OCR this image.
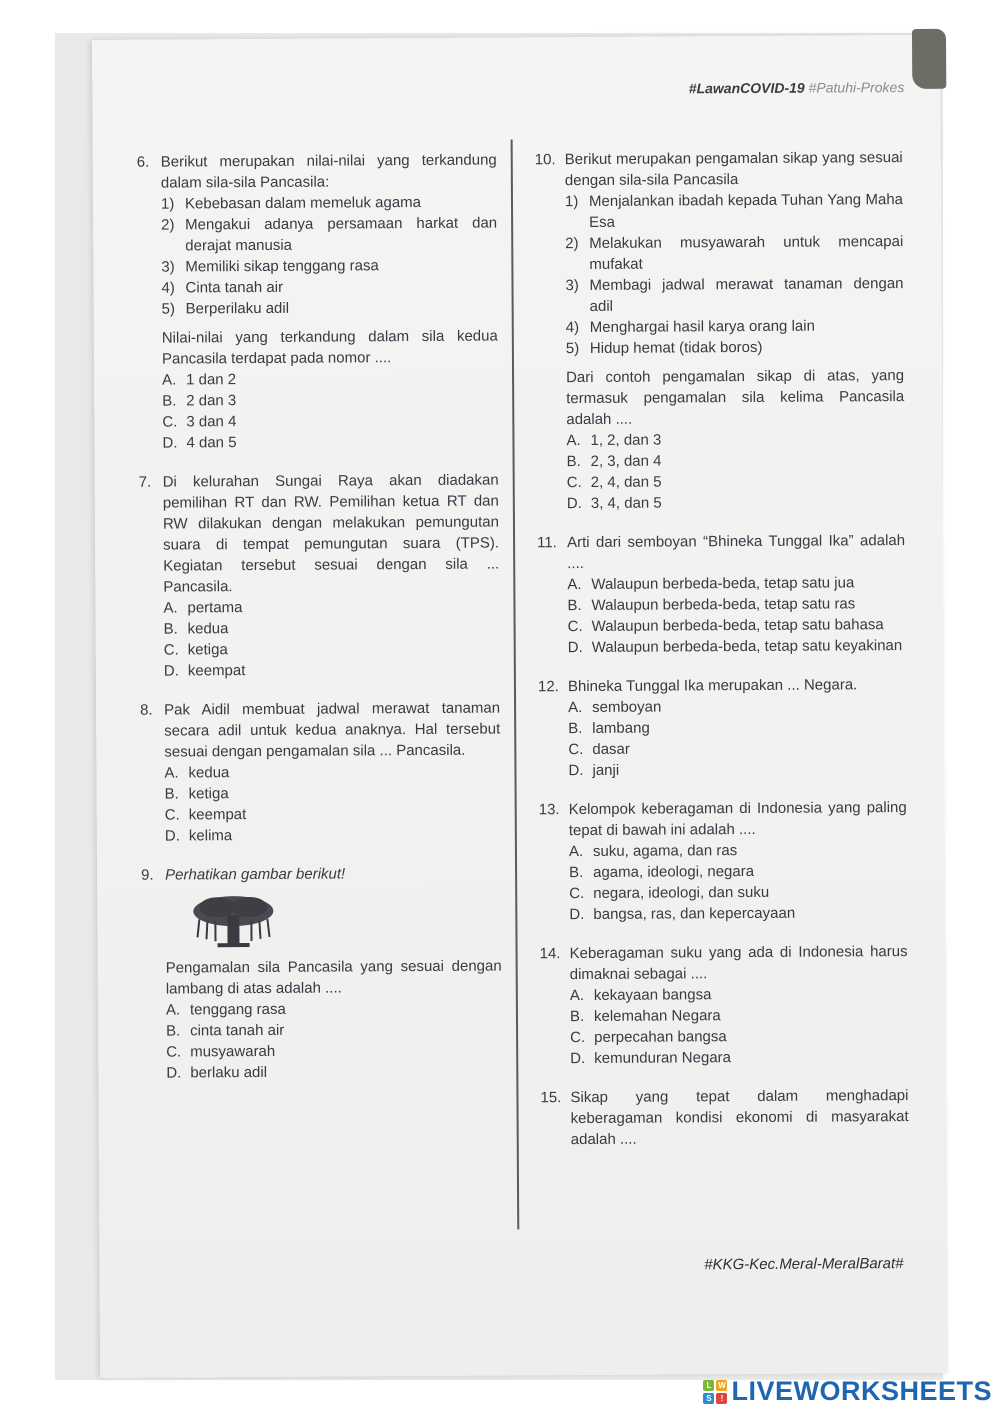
#LawanCOVID-19 #Patuhi-Prokes
6. Berikut merupakan nilai-nilai yang terkandung dalam sila-sila Pancasila:
1) Kebebasan dalam memeluk agama
2) Mengakui adanya persamaan harkat dan derajat manusia
3) Memiliki sikap tenggang rasa
4) Cinta tanah air
5) Berperilaku adil
Nilai-nilai yang terkandung dalam sila kedua Pancasila terdapat pada nomor ....
A. 1 dan 2
B. 2 dan 3
C. 3 dan 4
D. 4 dan 5
7. Di kelurahan Sungai Raya akan diadakan pemilihan RT dan RW. Pemilihan ketua RT dan RW dilakukan dengan melakukan pemungutan suara di tempat pemungutan suara (TPS). Kegiatan tersebut sesuai dengan sila ... Pancasila.
A. pertama
B. kedua
C. ketiga
D. keempat
8. Pak Aidil membuat jadwal merawat tanaman secara adil untuk kedua anaknya. Hal tersebut sesuai dengan pengamalan sila ... Pancasila.
A. kedua
B. ketiga
C. keempat
D. kelima
9. Perhatikan gambar berikut!
Pengamalan sila Pancasila yang sesuai dengan lambang di atas adalah ....
A. tenggang rasa
B. cinta tanah air
C. musyawarah
D. berlaku adil
10. Berikut merupakan pengamalan sikap yang sesuai dengan sila-sila Pancasila
1) Menjalankan ibadah kepada Tuhan Yang Maha Esa
2) Melakukan musyawarah untuk mencapai mufakat
3) Membagi jadwal merawat tanaman dengan adil
4) Menghargai hasil karya orang lain
5) Hidup hemat (tidak boros)
Dari contoh pengamalan sikap di atas, yang termasuk pengamalan sila kelima Pancasila adalah ....
A. 1, 2, dan 3
B. 2, 3, dan 4
C. 2, 4, dan 5
D. 3, 4, dan 5
11. Arti dari semboyan “Bhineka Tunggal Ika” adalah ....
A. Walaupun berbeda-beda, tetap satu jua
B. Walaupun berbeda-beda, tetap satu ras
C. Walaupun berbeda-beda, tetap satu bahasa
D. Walaupun berbeda-beda, tetap satu keyakinan
12. Bhineka Tunggal Ika merupakan ... Negara.
A. semboyan
B. lambang
C. dasar
D. janji
13. Kelompok keberagaman di Indonesia yang paling tepat di bawah ini adalah ....
A. suku, agama, dan ras
B. agama, ideologi, negara
C. negara, ideologi, dan suku
D. bangsa, ras, dan kepercayaan
14. Keberagaman suku yang ada di Indonesia harus dimaknai sebagai ....
A. kekayaan bangsa
B. kelemahan Negara
C. perpecahan bangsa
D. kemunduran Negara
15. Sikap yang tepat dalam menghadapi keberagaman kondisi ekonomi di masyarakat adalah ....
#KKG-Kec.Meral-MeralBarat#
L W
S	! LIVEWORKSHEETS
